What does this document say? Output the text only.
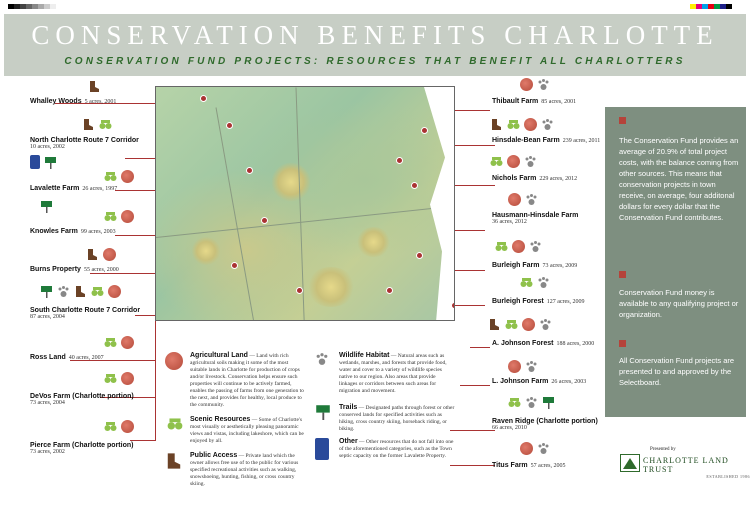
CONSERVATION BENEFITS CHARLOTTE
CONSERVATION FUND PROJECTS: RESOURCES THAT BENEFIT ALL CHARLOTTERS
Whalley Woods 5 acres, 2001
North Charlotte Route 7 Corridor
10 acres, 2002
Lavalette Farm 26 acres, 1997
Knowles Farm 99 acres, 2003
Burns Property 55 acres, 2000
South Charlotte Route 7 Corridor
87 acres, 2004
Ross Land 40 acres, 2007
DeVos Farm (Charlotte portion)
73 acres, 2004
Pierce Farm (Charlotte portion)
73 acres, 2002
Thibault Farm 85 acres, 2001
Hinsdale-Bean Farm 239 acres, 2011
Nichols Farm 229 acres, 2012
Hausmann-Hinsdale Farm
36 acres, 2012
Burleigh Farm 73 acres, 2009
Burleigh Forest 127 acres, 2009
A. Johnson Forest 188 acres, 2000
L. Johnson Farm 26 acres, 2003
Raven Ridge (Charlotte portion)
66 acres, 2010
Titus Farm 57 acres, 2005
Agricultural Land — Land with rich agricultural soils making it some of the most suitable lands in Charlotte for production of crops and/or livestock. Conservation helps ensure such properties will continue to be actively farmed, enables the passing of farms from one generation to the next, and provides for healthy, local produce to the community.
Scenic Resources — Some of Charlotte's most visually or aesthetically pleasing panoramic views and vistas, including lakeshore, which can be enjoyed by all.
Public Access — Private land which the owner allows free use of to the public for various specified recreational activities such as walking, snowshoeing, hunting, fishing, or cross country skiing.
Wildlife Habitat — Natural areas such as wetlands, marshes, and forests that provide food, water and cover to a variety of wildlife species native to our region. Also areas that provide linkages or corridors between such areas for migration and movement.
Trails — Designated paths through forest or other conserved lands for specified activities such as hiking, cross country skiing, horseback riding, or biking.
Other — Other resources that do not fall into one of the aforementioned categories, such as the Town septic capacity on the former Lavalette Property.

The Conservation Fund provides an average of 20.9% of total project costs, with the balance coming from other sources. This means that conservation projects in town receive, on average, four additonal dollars for every dollar that the Conservation Fund contributes.

Conservation Fund money is available to any qualifying project or organization.

All Conservation Fund projects are presented to and approved by the Selectboard.

Presented by
CHARLOTTE LAND TRUST
ESTABLISHED 1986
